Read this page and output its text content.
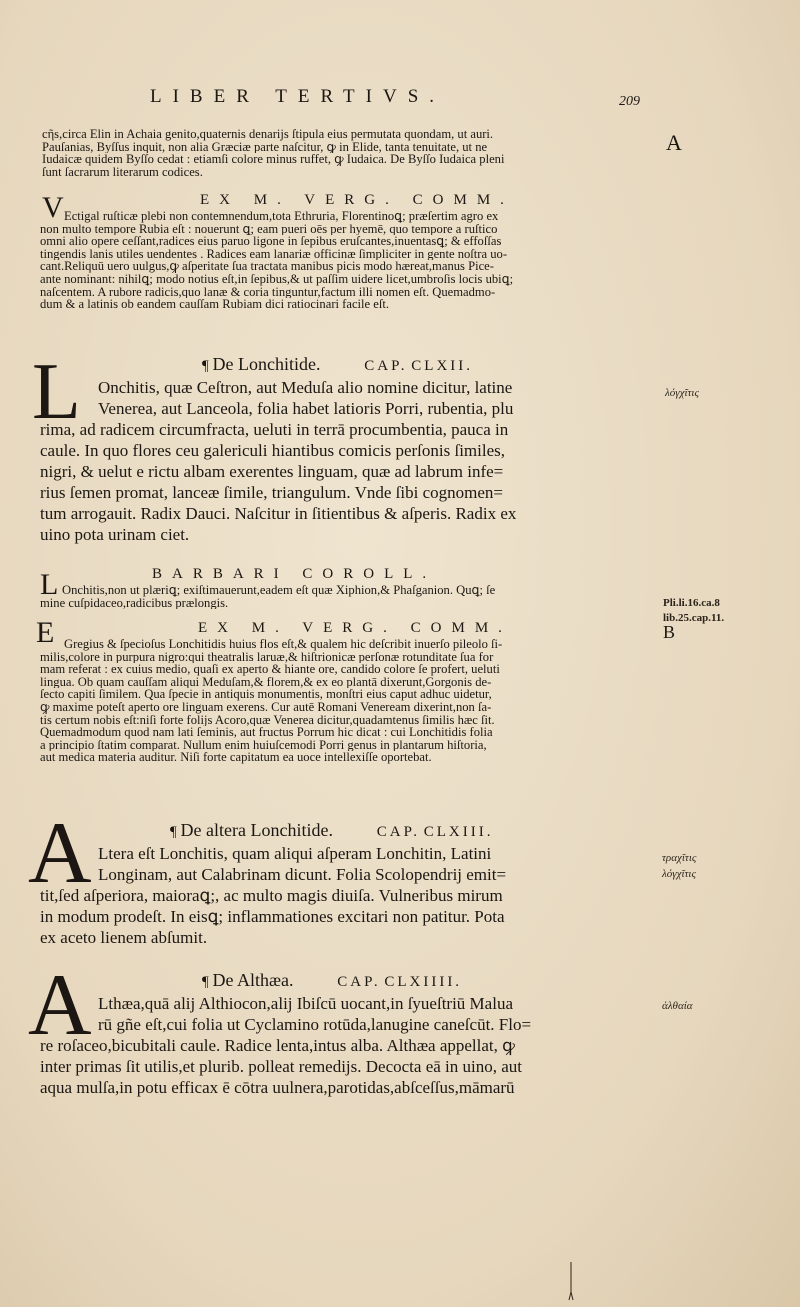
LIBER TERTIVS.	209
A
cῆs,circa Elin in Achaia genito,quaternis denarijs ſtipula eius permutata quondam, ut auri.
Pauſanias, Byſſus inquit, non alia Græciæ parte naſcitur, ꝙ in Elide, tanta tenuitate, ut ne
Iudaicæ quidem Byſſo cedat : etiamſi colore minus ruffet, ꝙ Iudaica. De Byſſo Iudaica pleni
ſunt ſacrarum literarum codices.
V	EX M. VERG. COMM.
Ectigal ruſticæ plebi non contemnendum,tota Ethruria, Florentinoꝗ; præſertim agro ex
non multo tempore Rubia eſt : nouerunt ꝗ; eam pueri oēs per hyemē, quo tempore a ruſtico
omni alio opere ceſſant,radices eius paruo ligone in ſepibus eruſcantes,inuentasꝗ; & effoſſas
tingendis lanis utiles uendentes . Radices eam lanariæ officinæ ſimpliciter in gente noſtra uo-
cant.Reliquū uero uulgus,ꝙ aſperitate ſua tractata manibus picis modo hæreat,manus Pice-
ante nominant: nihilꝗ; modo notius eſt,in ſepibus,& ut paſſim uidere licet,umbroſis locis ubiꝗ;
naſcentem. A rubore radicis,quo lanæ & coria tinguntur,factum illi nomen eſt. Quemadmo-
dum & a latinis ob eandem cauſſam Rubiam dici ratiocinari facile eſt.
L	¶ De Lonchitide.	CAP. CLXII.
λόγχῖτις
Onchitis, quæ Ceſtron, aut Meduſa alio nomine dicitur, latine
Venerea, aut Lanceola, folia habet latioris Porri, rubentia, plu
rima, ad radicem circumfracta, ueluti in terrā procumbentia, pauca in
caule. In quo flores ceu galericuli hiantibus comicis perſonis ſimiles,
nigri, & uelut e rictu albam exerentes linguam, quæ ad labrum infe=
rius ſemen promat, lanceæ ſimile, triangulum. Vnde ſibi cognomen=
tum arrogauit. Radix Dauci. Naſcitur in ſitientibus & aſperis. Radix ex
uino pota urinam ciet.
L	BARBARI COROLL.
Onchitis,non ut plæriꝗ; exiſtimauerunt,eadem eſt quæ Xiphion,& Phaſganion. Quꝗ; ſe
mine cuſpidaceo,radicibus prælongis.	Pli.li.16.ca.8
lib.25.cap.11.
B
E	EX M. VERG. COMM.
Gregius & ſpecioſus Lonchitidis huius flos eſt,& qualem hic deſcribit inuerſo pileolo ſi-
milis,colore in purpura nigro:qui theatralis laruæ,& hiſtrionicæ perſonæ rotunditate ſua for
mam referat : ex cuius medio, quaſi ex aperto & hiante ore, candido colore ſe profert, ueluti
lingua. Ob quam cauſſam aliqui Meduſam,& florem,& ex eo plantā dixerunt,Gorgonis de-
ſecto capiti ſimilem. Qua ſpecie in antiquis monumentis, monſtri eius caput adhuc uidetur,
ꝙ maxime poteſt aperto ore linguam exerens. Cur autē Romani Veneream dixerint,non ſa-
tis certum nobis eſt:niſi forte folijs Acoro,quæ Venerea dicitur,quadamtenus ſimilis hæc ſit.
Quemadmodum quod nam lati ſeminis, aut fructus Porrum hic dicat : cui Lonchitidis folia
a principio ſtatim comparat. Nullum enim huiuſcemodi Porri genus in plantarum hiſtoria,
aut medica materia auditur. Niſi forte capitatum ea uoce intellexiſſe oportebat.
A	¶ De altera Lonchitide.	CAP. CLXIII.
τραχῖτις λόγχῖτις
Ltera eſt Lonchitis, quam aliqui aſperam Lonchitin, Latini
Longinam, aut Calabrinam dicunt. Folia Scolopendrij emit=
tit,ſed aſperiora, maioraꝗ;, ac multo magis diuiſa. Vulneribus mirum
in modum prodeſt. In eisꝗ; inflammationes excitari non patitur. Pota
ex aceto lienem abſumit.
A	¶ De Althæa.	CAP. CLXIIII.
ἀλθαία
Lthæa,quā alij Althiocon,alij Ibiſcū uocant,in ſyueſtriū Malua
rū gñe eſt,cui folia ut Cyclamino rotūda,lanugine caneſcūt. Flo=
re roſaceo,bicubitali caule. Radice lenta,intus alba. Althæa appellat, ꝙ
inter primas ſit utilis,et plurib. polleat remedijs. Decocta eā in uino, aut
aqua mulſa,in potu efficax ē cōtra uulnera,parotidas,abſceſſus,māmarū
